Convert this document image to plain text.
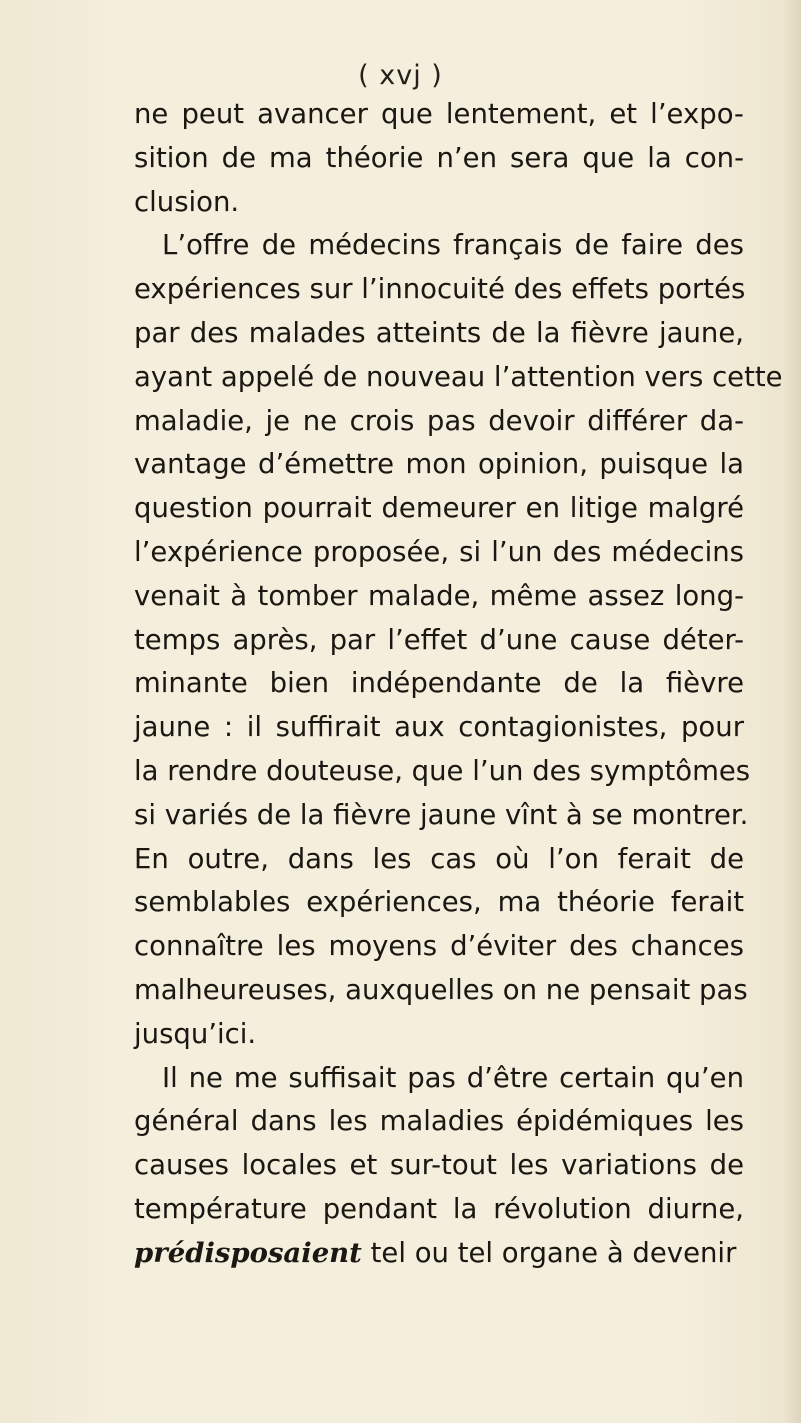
( xvj )
ne peut avancer que lentement, et l’expo-
sition de ma théorie n’en sera que la con-
clusion.
L’offre de médecins français de faire des
expériences sur l’innocuité des effets portés
par des malades atteints de la fièvre jaune,
ayant appelé de nouveau l’attention vers cette
maladie, je ne crois pas devoir différer da-
vantage d’émettre mon opinion, puisque la
question pourrait demeurer en litige malgré
l’expérience proposée, si l’un des médecins
venait à tomber malade, même assez long-
temps après, par l’effet d’une cause déter-
minante bien indépendante de la fièvre
jaune : il suffirait aux contagionistes, pour
la rendre douteuse, que l’un des symptômes
si variés de la fièvre jaune vînt à se montrer.
En outre, dans les cas où l’on ferait de
semblables expériences, ma théorie ferait
connaître les moyens d’éviter des chances
malheureuses, auxquelles on ne pensait pas
jusqu’ici.
Il ne me suffisait pas d’être certain qu’en
général dans les maladies épidémiques les
causes locales et sur-tout les variations de
température pendant la révolution diurne,
prédisposaient tel ou tel organe à devenir
